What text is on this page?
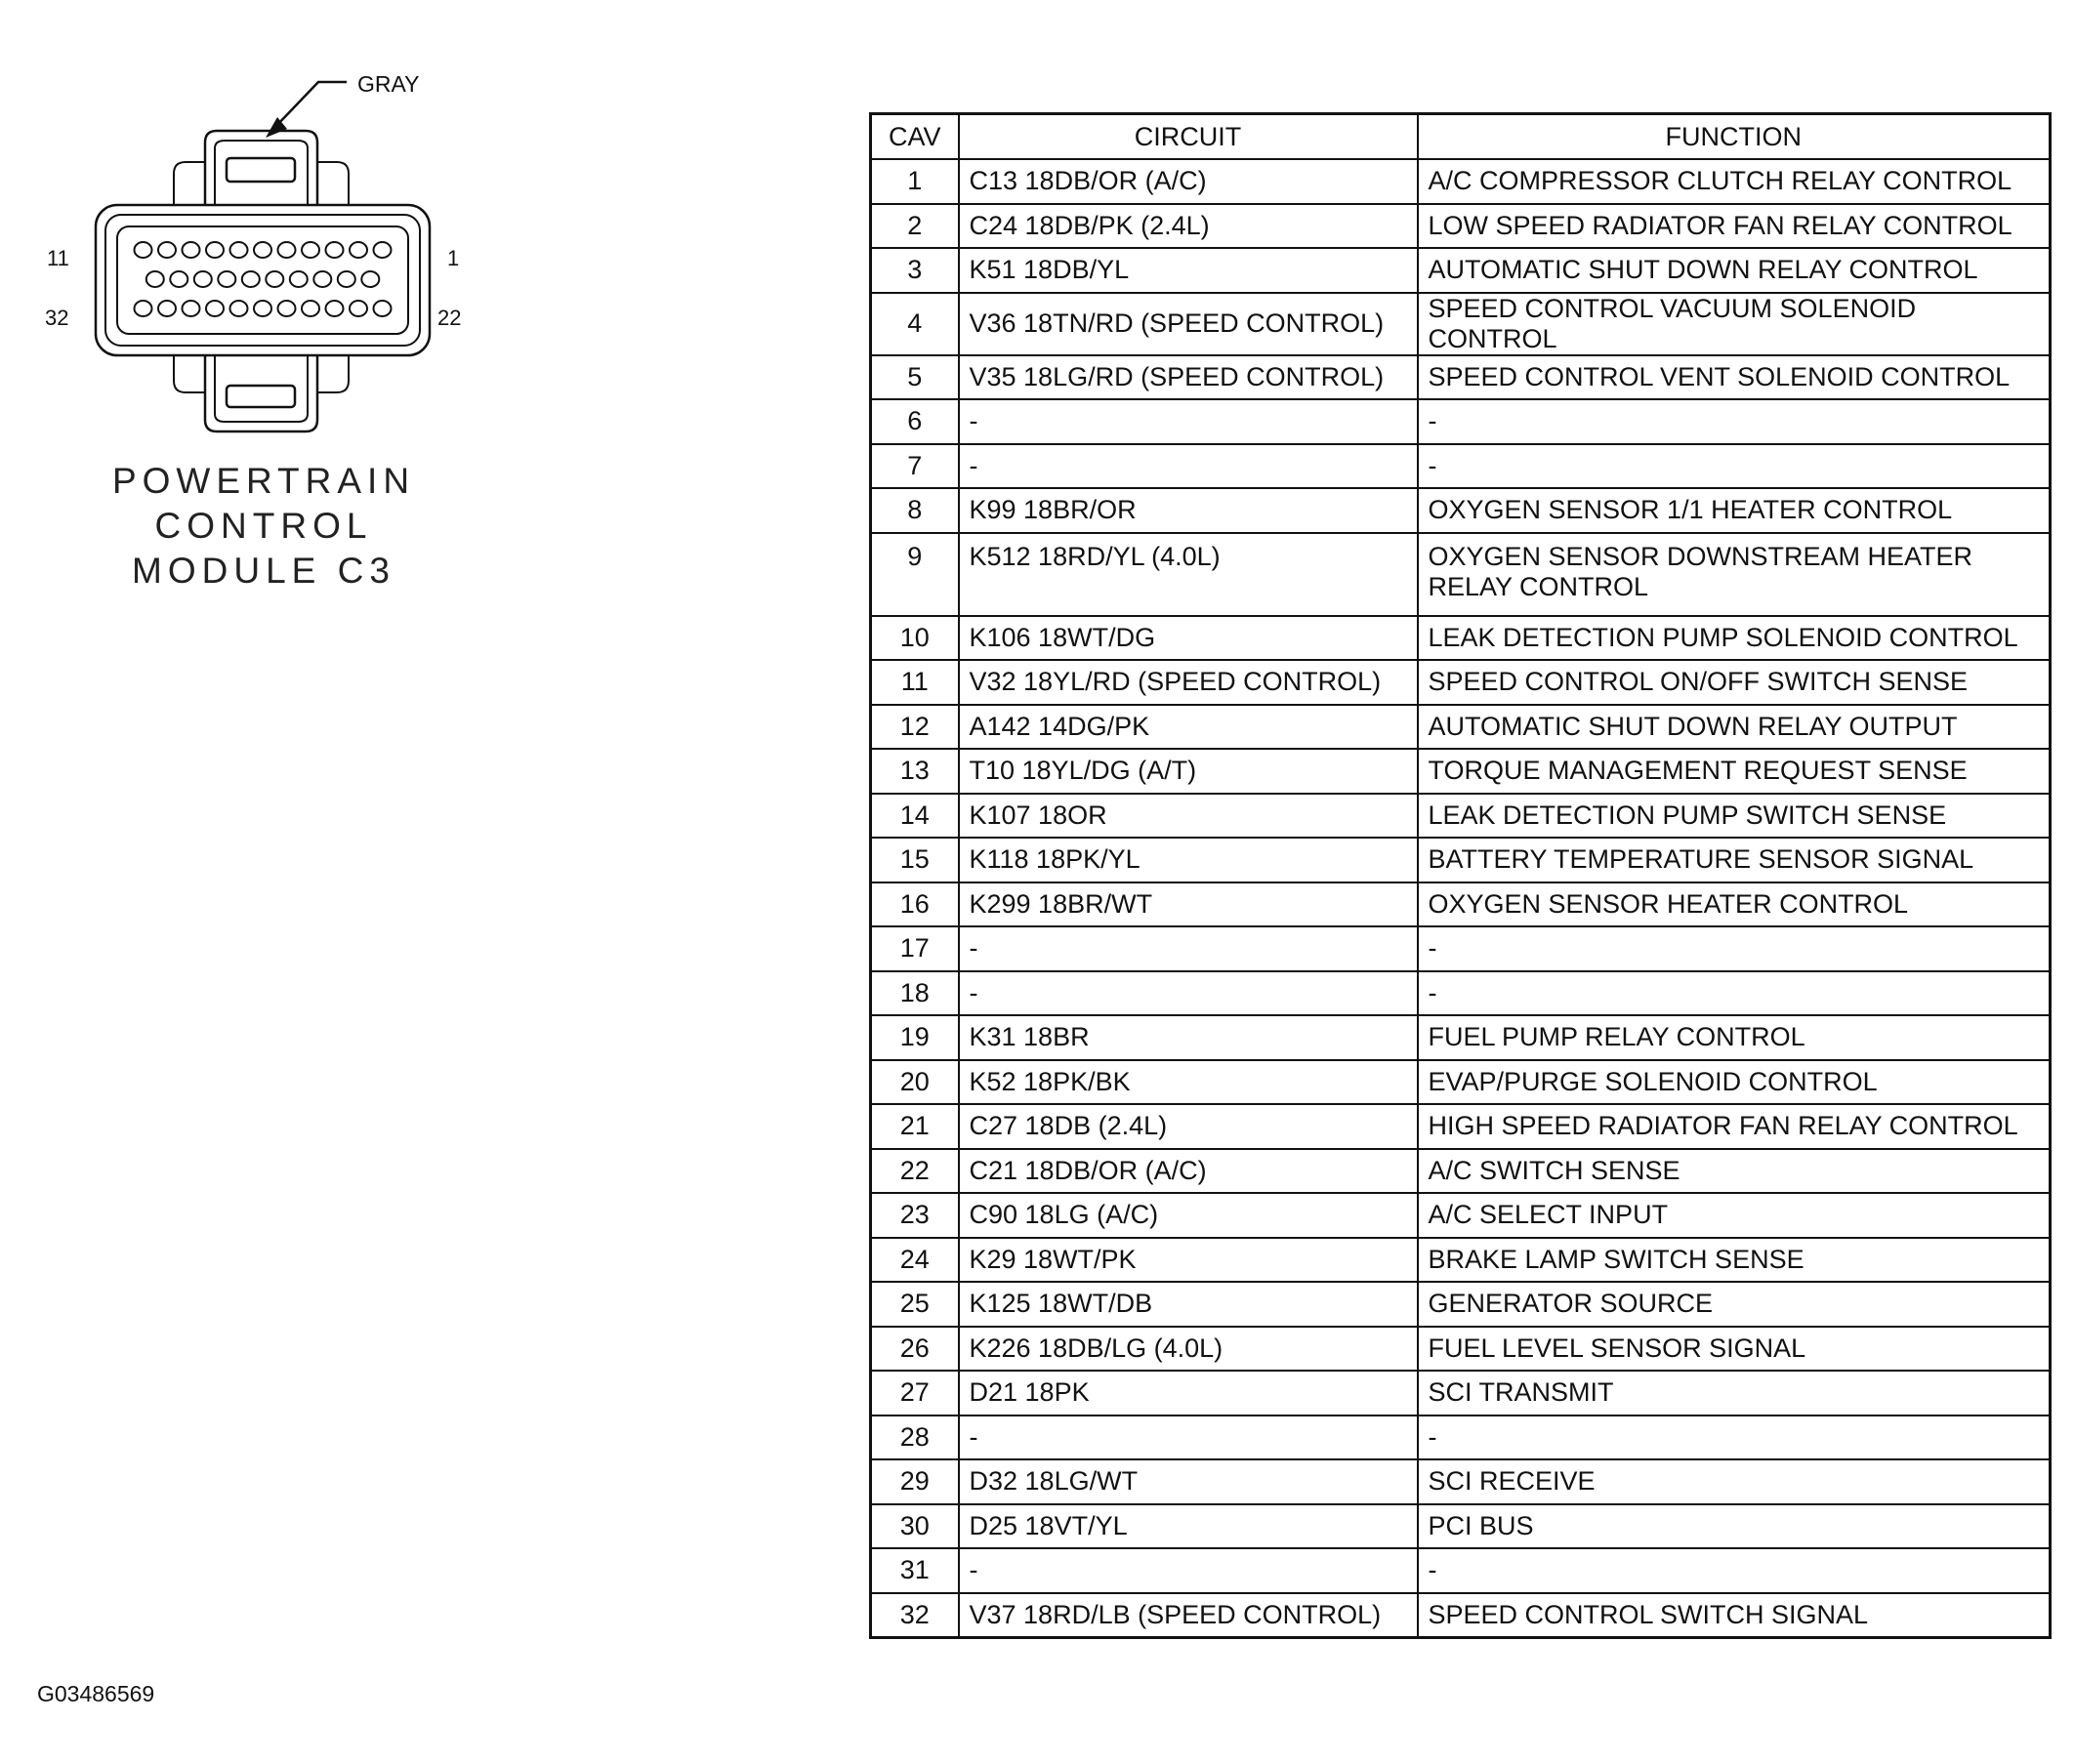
GRAY
11	1
32	22
POWERTRAIN
CONTROL
MODULE C3
CAV	CIRCUIT	FUNCTION
1	C13 18DB/OR (A/C)	A/C COMPRESSOR CLUTCH RELAY CONTROL
2	C24 18DB/PK (2.4L)	LOW SPEED RADIATOR FAN RELAY CONTROL
3	K51 18DB/YL	AUTOMATIC SHUT DOWN RELAY CONTROL
4	V36 18TN/RD (SPEED CONTROL)	SPEED CONTROL VACUUM SOLENOID CONTROL
5	V35 18LG/RD (SPEED CONTROL)	SPEED CONTROL VENT SOLENOID CONTROL
6	-	-
7	-	-
8	K99 18BR/OR	OXYGEN SENSOR 1/1 HEATER CONTROL
9	K512 18RD/YL (4.0L)	OXYGEN SENSOR DOWNSTREAM HEATER RELAY CONTROL
10	K106 18WT/DG	LEAK DETECTION PUMP SOLENOID CONTROL
11	V32 18YL/RD (SPEED CONTROL)	SPEED CONTROL ON/OFF SWITCH SENSE
12	A142 14DG/PK	AUTOMATIC SHUT DOWN RELAY OUTPUT
13	T10 18YL/DG (A/T)	TORQUE MANAGEMENT REQUEST SENSE
14	K107 18OR	LEAK DETECTION PUMP SWITCH SENSE
15	K118 18PK/YL	BATTERY TEMPERATURE SENSOR SIGNAL
16	K299 18BR/WT	OXYGEN SENSOR HEATER CONTROL
17	-	-
18	-	-
19	K31 18BR	FUEL PUMP RELAY CONTROL
20	K52 18PK/BK	EVAP/PURGE SOLENOID CONTROL
21	C27 18DB (2.4L)	HIGH SPEED RADIATOR FAN RELAY CONTROL
22	C21 18DB/OR (A/C)	A/C SWITCH SENSE
23	C90 18LG (A/C)	A/C SELECT INPUT
24	K29 18WT/PK	BRAKE LAMP SWITCH SENSE
25	K125 18WT/DB	GENERATOR SOURCE
26	K226 18DB/LG (4.0L)	FUEL LEVEL SENSOR SIGNAL
27	D21 18PK	SCI TRANSMIT
28	-	-
29	D32 18LG/WT	SCI RECEIVE
30	D25 18VT/YL	PCI BUS
31	-	-
32	V37 18RD/LB (SPEED CONTROL)	SPEED CONTROL SWITCH SIGNAL
G03486569
